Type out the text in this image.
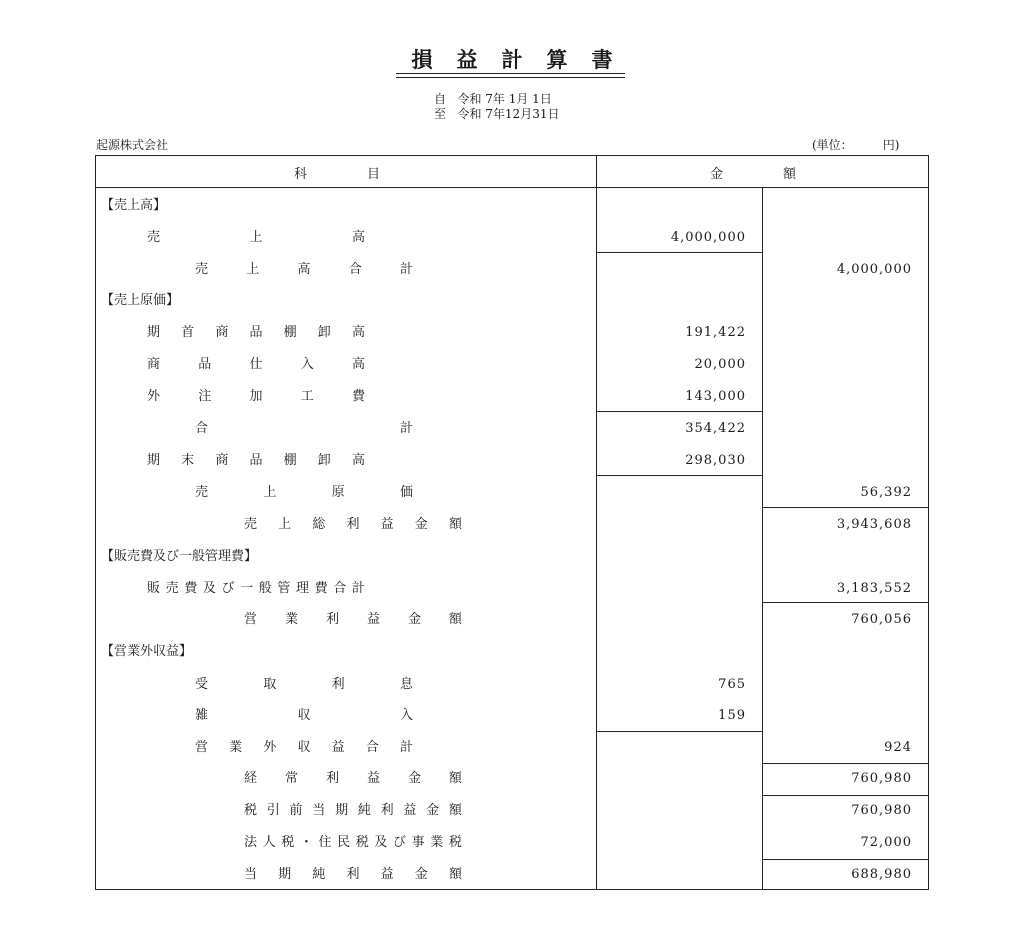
損益計算書
自 令和 7年 1月 1日
至 令和 7年12月31日
起源株式会社	(単位：	円)
科目	金額
【売上高】
売	上	高	4,000,000
売	上	高	合	計	4,000,000
【売上原価】
期 首 商 品 棚 卸 高	191,422
商	品	仕	入	高	20,000
外	注	加	工	費	143,000
合	計	354,422
期 末 商 品 棚 卸 高	298,030
売	上	原	価	56,392
売 上 総 利 益 金 額	3,943,608
【販売費及び一般管理費】
販 売 費 及 び 一 般 管 理 費 合 計	3,183,552
営 業 利 益 金 額	760,056
【営業外収益】
受	取	利	息	765
雑	収	入	159
営 業 外 収 益 合 計	924
経 常 利 益 金 額	760,980
税 引 前 当 期 純 利 益 金 額	760,980
法 人 税 ・ 住 民 税 及 び 事 業 税	72,000
当 期 純 利 益 金 額	688,980
